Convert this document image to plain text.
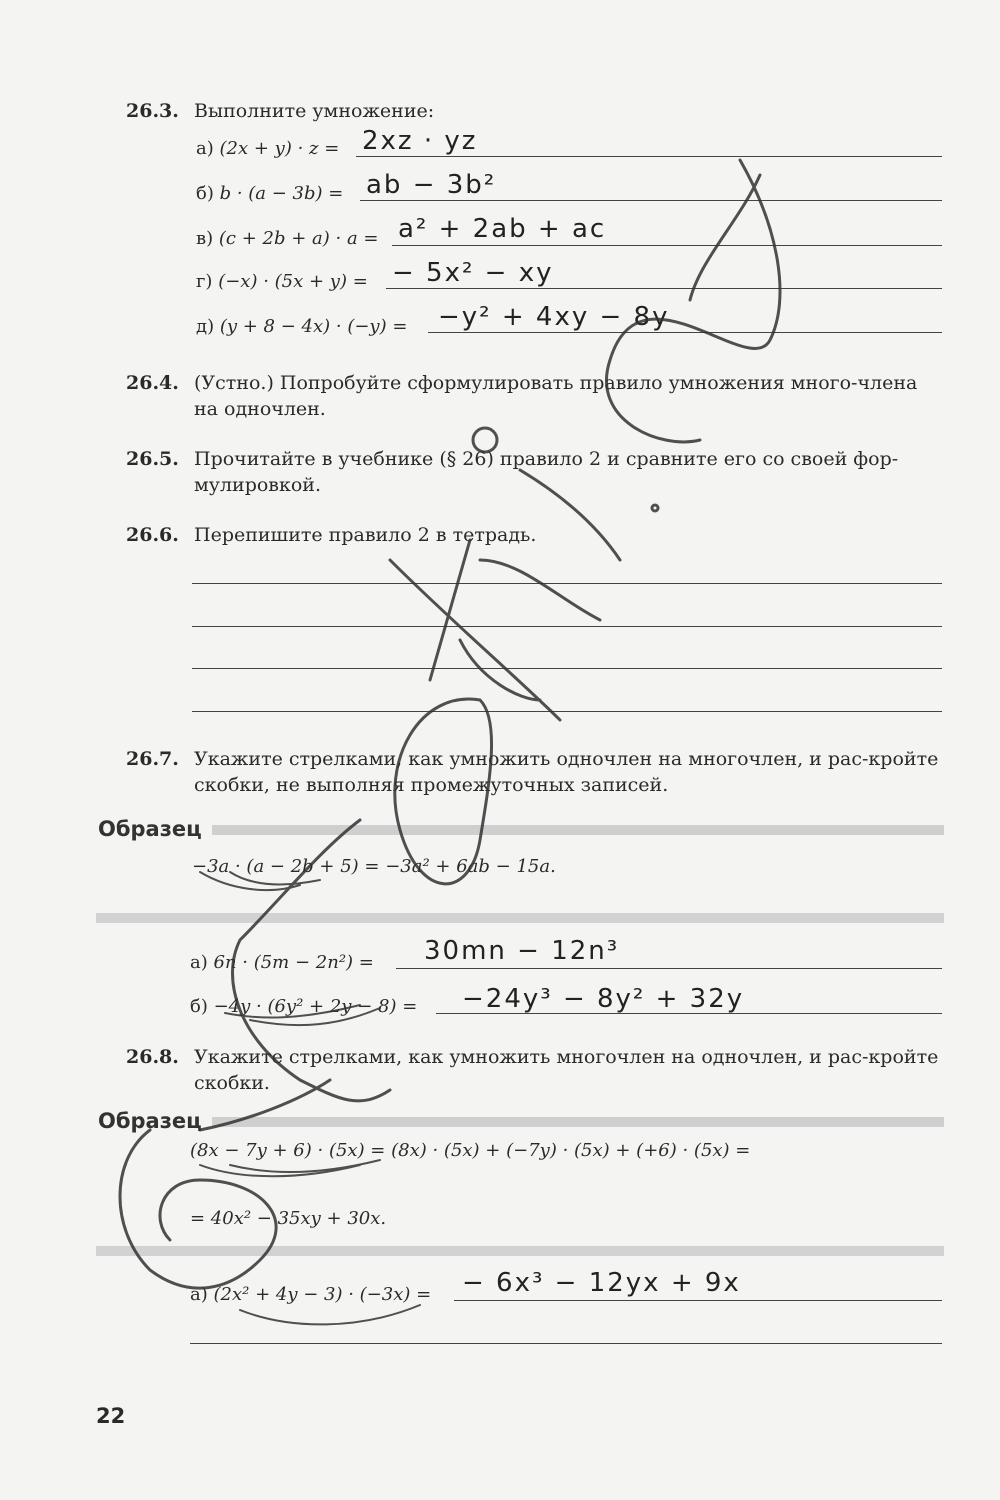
26.3. Выполните умножение:
а) (2x + y) · z = 2xz · yz
б) b · (a − 3b) = ab − 3b²
в) (c + 2b + a) · a = a² + 2ab + ac
г) (−x) · (5x + y) = − 5x² − xy
д) (y + 8 − 4x) · (−y) = −y² + 4xy − 8y
26.4. (Устно.) Попробуйте сформулировать правило умножения много-члена на одночлен.
26.5. Прочитайте в учебнике (§ 26) правило 2 и сравните его со своей фор-мулировкой.
26.6. Перепишите правило 2 в тетрадь.
26.7. Укажите стрелками, как умножить одночлен на многочлен, и рас-кройте скобки, не выполняя промежуточных записей.
Образец
−3a · (a − 2b + 5) = −3a² + 6ab − 15a.
а) 6n · (5m − 2n²) = 30mn − 12n³
б) −4y · (6y² + 2y − 8) = −24y³ − 8y² + 32y
26.8. Укажите стрелками, как умножить многочлен на одночлен, и рас-кройте скобки.
Образец
(8x − 7y + 6) · (5x) = (8x) · (5x) + (−7y) · (5x) + (+6) · (5x) =
= 40x² − 35xy + 30x.
а) (2x² + 4y − 3) · (−3x) = − 6x³ − 12yx + 9x
22
